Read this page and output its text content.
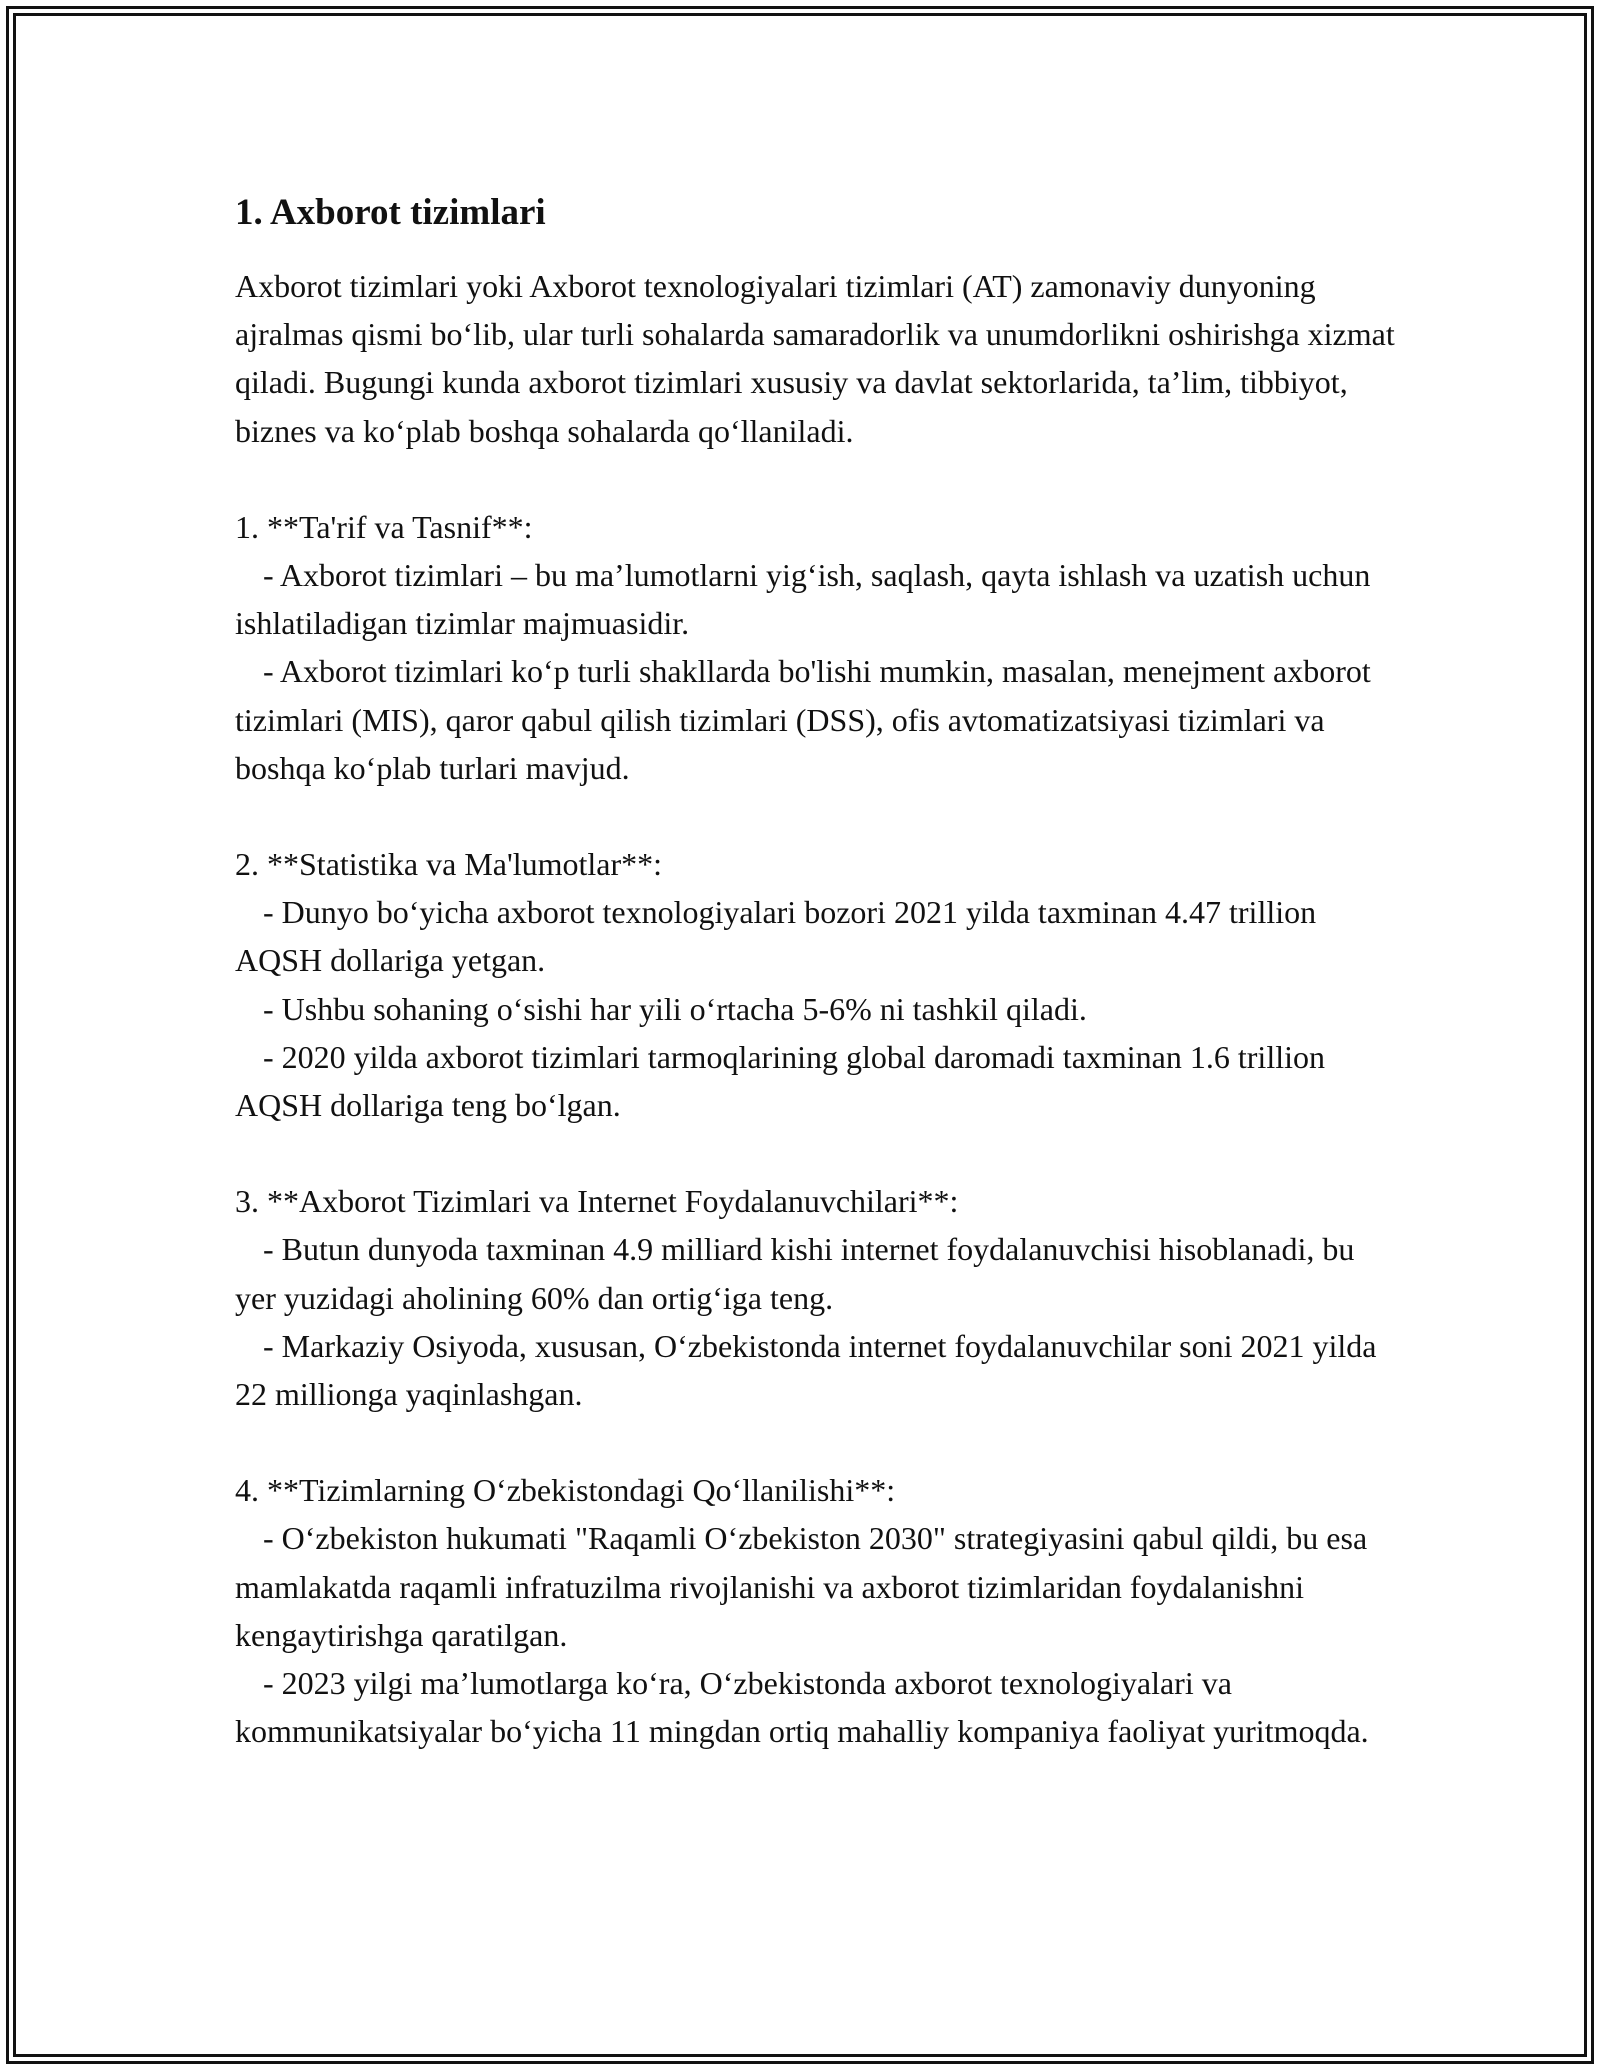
1. Axborot tizimlari

Axborot tizimlari yoki Axborot texnologiyalari tizimlari (AT) zamonaviy dunyoning ajralmas qismi bo‘lib, ular turli sohalarda samaradorlik va unumdorlikni oshirishga xizmat qiladi. Bugungi kunda axborot tizimlari xususiy va davlat sektorlarida, ta’lim, tibbiyot, biznes va ko‘plab boshqa sohalarda qo‘llaniladi.

1. **Ta'rif va Tasnif**:

- Axborot tizimlari – bu ma’lumotlarni yig‘ish, saqlash, qayta ishlash va uzatish uchun ishlatiladigan tizimlar majmuasidir.

- Axborot tizimlari ko‘p turli shakllarda bo'lishi mumkin, masalan, menejment axborot tizimlari (MIS), qaror qabul qilish tizimlari (DSS), ofis avtomatizatsiyasi tizimlari va boshqa ko‘plab turlari mavjud.

2. **Statistika va Ma'lumotlar**:

- Dunyo bo‘yicha axborot texnologiyalari bozori 2021 yilda taxminan 4.47 trillion AQSH dollariga yetgan.

- Ushbu sohaning o‘sishi har yili o‘rtacha 5-6% ni tashkil qiladi.

- 2020 yilda axborot tizimlari tarmoqlarining global daromadi taxminan 1.6 trillion AQSH dollariga teng bo‘lgan.

3. **Axborot Tizimlari va Internet Foydalanuvchilari**:

- Butun dunyoda taxminan 4.9 milliard kishi internet foydalanuvchisi hisoblanadi, bu yer yuzidagi aholining 60% dan ortig‘iga teng.

- Markaziy Osiyoda, xususan, O‘zbekistonda internet foydalanuvchilar soni 2021 yilda 22 millionga yaqinlashgan.

4. **Tizimlarning O‘zbekistondagi Qo‘llanilishi**:

- O‘zbekiston hukumati "Raqamli O‘zbekiston 2030" strategiyasini qabul qildi, bu esa mamlakatda raqamli infratuzilma rivojlanishi va axborot tizimlaridan foydalanishni kengaytirishga qaratilgan.

- 2023 yilgi ma’lumotlarga ko‘ra, O‘zbekistonda axborot texnologiyalari va kommunikatsiyalar bo‘yicha 11 mingdan ortiq mahalliy kompaniya faoliyat yuritmoqda.
